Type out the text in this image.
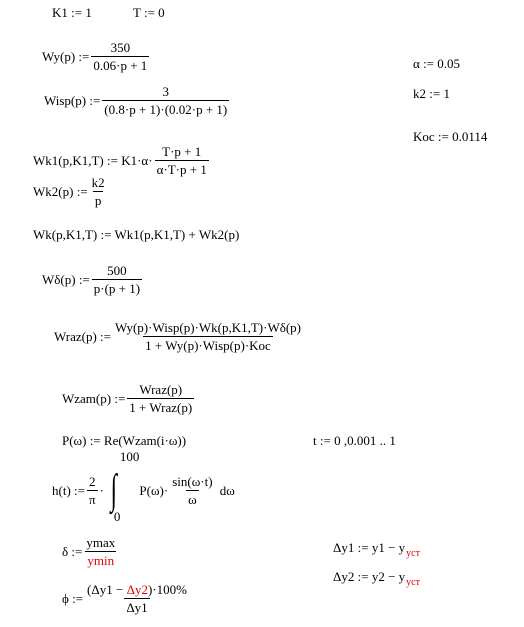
K1 := 1	T := 0
Wy(p)
:= $\frac{350}{0.06\cdot p + 1}$	α := 0.05
Wisp(p)
:= $\frac{3}{(0.8\cdot p + 1)\cdot(0.02\cdot p + 1)}$	k2 := 1
Koc := 0.0114
Wk1(p,K1,T)
:=
$K1\cdot\alpha\cdot \frac{T\cdot p + 1}{\alpha\cdot T\cdot p + 1}$
Wk2(p)
:= $\frac{k2}{p}$
Wk(p,K1,T) := Wk1(p,K1,T) + Wk2(p)
Wδ(p)
:= $\frac{500}{p\cdot(p + 1)}$
Wraz(p)
:= $\frac{\text{Wy(p)·Wisp(p)·Wk(p,K1,T)·Wδ(p)}}{\text{1 + Wy(p)·Wisp(p)·Koc}}$
Wzam(p)
:= $\frac{\text{Wraz(p)}}{\text{1 + Wraz(p)}}$
P(ω) := Re(Wzam(i·ω))	t := 0 ,0.001 .. 1
h(t)
:= $\frac{2}{\pi}$ · ∫
100
0
$P(\omega)\cdot \frac{\sin(\omega\cdot t)}{\omega}$
dω
δ
:= $\frac{ymax}{ymin}$	Δy1 := $y1 - y_{уст}$
Δy2 := $y2 - y_{уст}$
ϕ
:= $\frac{(\Delta y1 - \Delta y2)\cdot 100\%}{\Delta y1}$
